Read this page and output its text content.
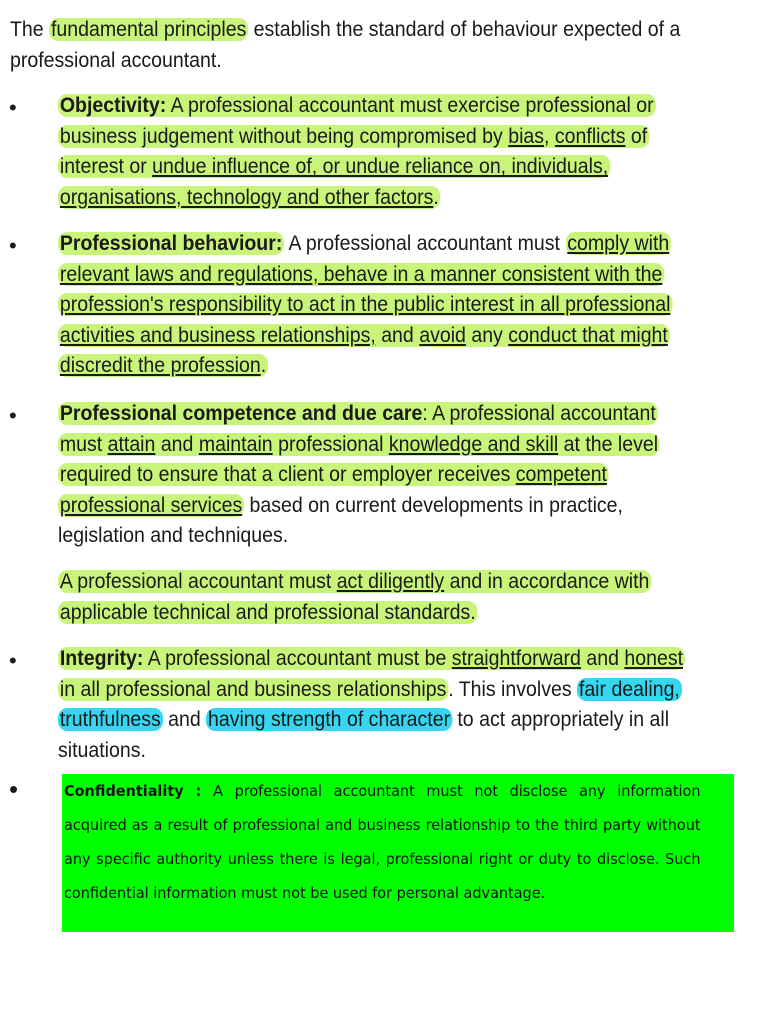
The fundamental principles establish the standard of behaviour expected of a professional accountant.
• Objectivity: A professional accountant must exercise professional or business judgement without being compromised by bias, conflicts of interest or undue influence of, or undue reliance on, individuals, organisations, technology and other factors.
• Professional behaviour: A professional accountant must comply with relevant laws and regulations, behave in a manner consistent with the profession's responsibility to act in the public interest in all professional activities and business relationships, and avoid any conduct that might discredit the profession.
• Professional competence and due care: A professional accountant must attain and maintain professional knowledge and skill at the level required to ensure that a client or employer receives competent professional services based on current developments in practice, legislation and techniques.
A professional accountant must act diligently and in accordance with applicable technical and professional standards.
• Integrity: A professional accountant must be straightforward and honest in all professional and business relationships. This involves fair dealing, truthfulness and having strength of character to act appropriately in all situations.
•	Confidentiality : A professional accountant must not disclose any information acquired as a result of professional and business relationship to the third party without any specific authority unless there is legal, professional right or duty to disclose. Such confidential information must not be used for personal advantage.
